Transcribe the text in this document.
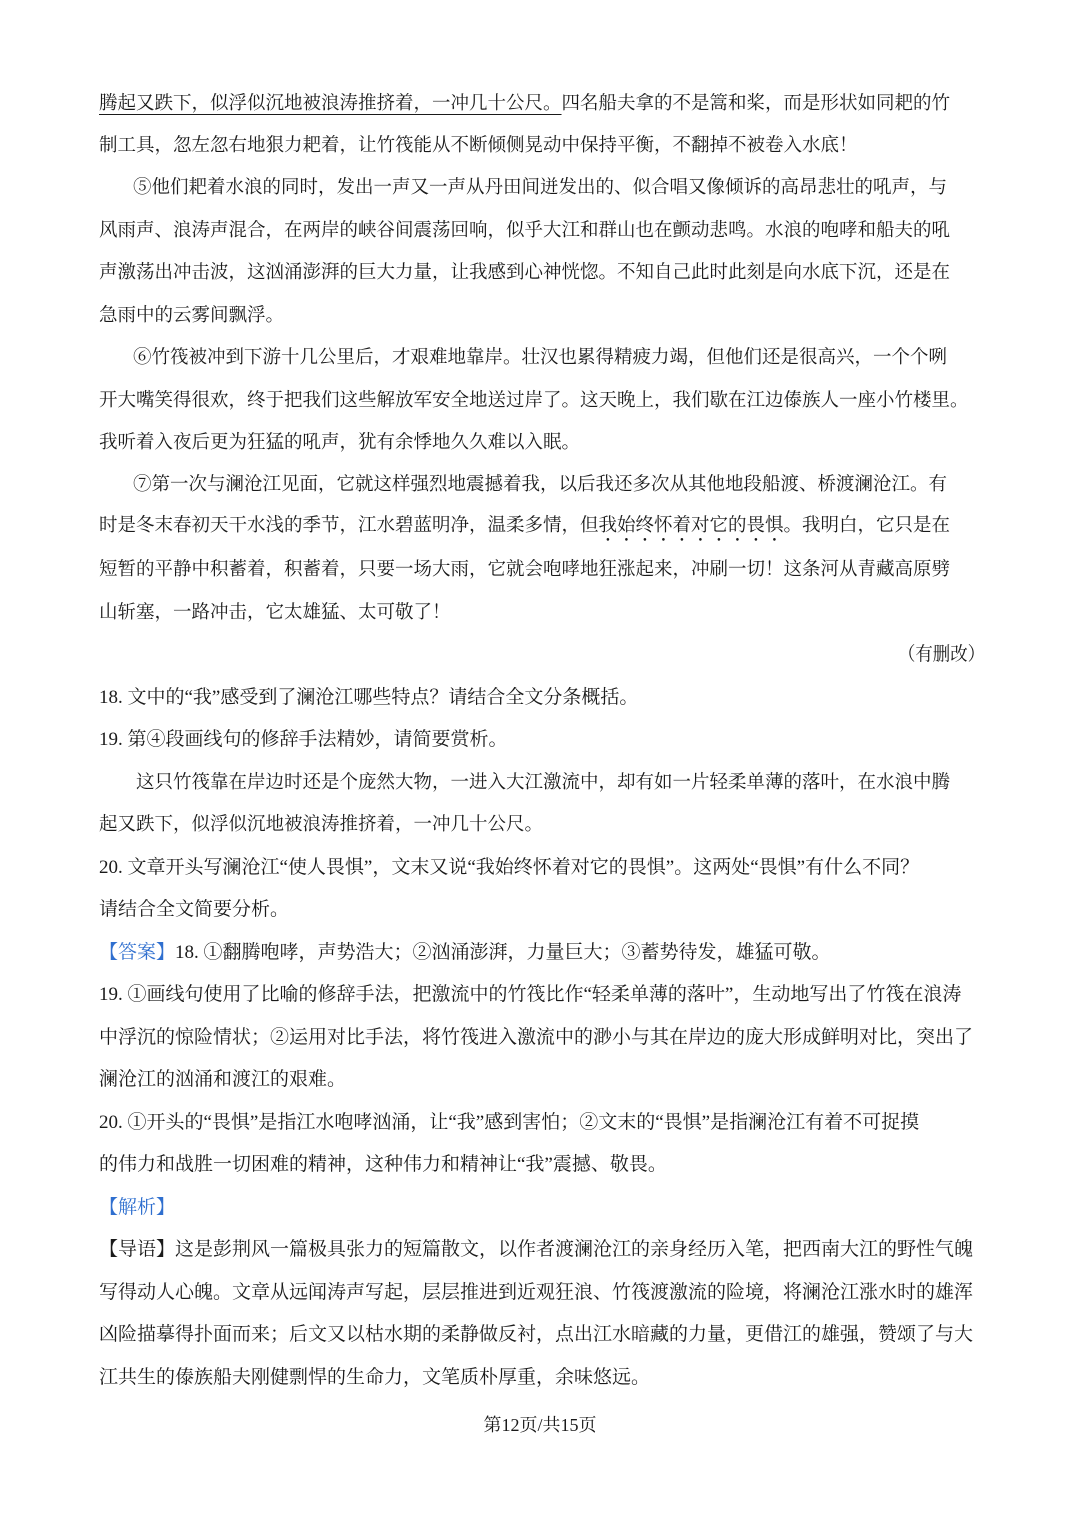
腾起又跌下，似浮似沉地被浪涛推挤着，一冲几十公尺。四名船夫拿的不是篙和桨，而是形状如同耙的竹
制工具，忽左忽右地狠力耙着，让竹筏能从不断倾侧晃动中保持平衡，不翻掉不被卷入水底！
⑤他们耙着水浪的同时，发出一声又一声从丹田间迸发出的、似合唱又像倾诉的高昂悲壮的吼声，与
风雨声、浪涛声混合，在两岸的峡谷间震荡回响，似乎大江和群山也在颤动悲鸣。水浪的咆哮和船夫的吼
声激荡出冲击波，这汹涌澎湃的巨大力量，让我感到心神恍惚。不知自己此时此刻是向水底下沉，还是在
急雨中的云雾间飘浮。
⑥竹筏被冲到下游十几公里后，才艰难地靠岸。壮汉也累得精疲力竭，但他们还是很高兴，一个个咧
开大嘴笑得很欢，终于把我们这些解放军安全地送过岸了。这天晚上，我们歇在江边傣族人一座小竹楼里。
我听着入夜后更为狂猛的吼声，犹有余悸地久久难以入眠。
⑦第一次与澜沧江见面，它就这样强烈地震撼着我，以后我还多次从其他地段船渡、桥渡澜沧江。有
时是冬末春初天干水浅的季节，江水碧蓝明净，温柔多情，但我始终怀着对它的畏惧。我明白，它只是在
短暂的平静中积蓄着，积蓄着，只要一场大雨，它就会咆哮地狂涨起来，冲刷一切！这条河从青藏高原劈
山斩塞，一路冲击，它太雄猛、太可敬了！
（有删改）
18. 文中的“我”感受到了澜沧江哪些特点？请结合全文分条概括。
19. 第④段画线句的修辞手法精妙，请简要赏析。
这只竹筏靠在岸边时还是个庞然大物，一进入大江激流中，却有如一片轻柔单薄的落叶，在水浪中腾
起又跌下，似浮似沉地被浪涛推挤着，一冲几十公尺。
20. 文章开头写澜沧江“使人畏惧”，文末又说“我始终怀着对它的畏惧”。这两处“畏惧”有什么不同？
请结合全文简要分析。
【答案】18. ①翻腾咆哮，声势浩大；②汹涌澎湃，力量巨大；③蓄势待发，雄猛可敬。
19. ①画线句使用了比喻的修辞手法，把激流中的竹筏比作“轻柔单薄的落叶”，生动地写出了竹筏在浪涛
中浮沉的惊险情状；②运用对比手法，将竹筏进入激流中的渺小与其在岸边的庞大形成鲜明对比，突出了
澜沧江的汹涌和渡江的艰难。
20. ①开头的“畏惧”是指江水咆哮汹涌，让“我”感到害怕；②文末的“畏惧”是指澜沧江有着不可捉摸
的伟力和战胜一切困难的精神，这种伟力和精神让“我”震撼、敬畏。
【解析】
【导语】这是彭荆风一篇极具张力的短篇散文，以作者渡澜沧江的亲身经历入笔，把西南大江的野性气魄
写得动人心魄。文章从远闻涛声写起，层层推进到近观狂浪、竹筏渡激流的险境，将澜沧江涨水时的雄浑
凶险描摹得扑面而来；后文又以枯水期的柔静做反衬，点出江水暗藏的力量，更借江的雄强，赞颂了与大
江共生的傣族船夫刚健剽悍的生命力，文笔质朴厚重，余味悠远。
第12页/共15页
